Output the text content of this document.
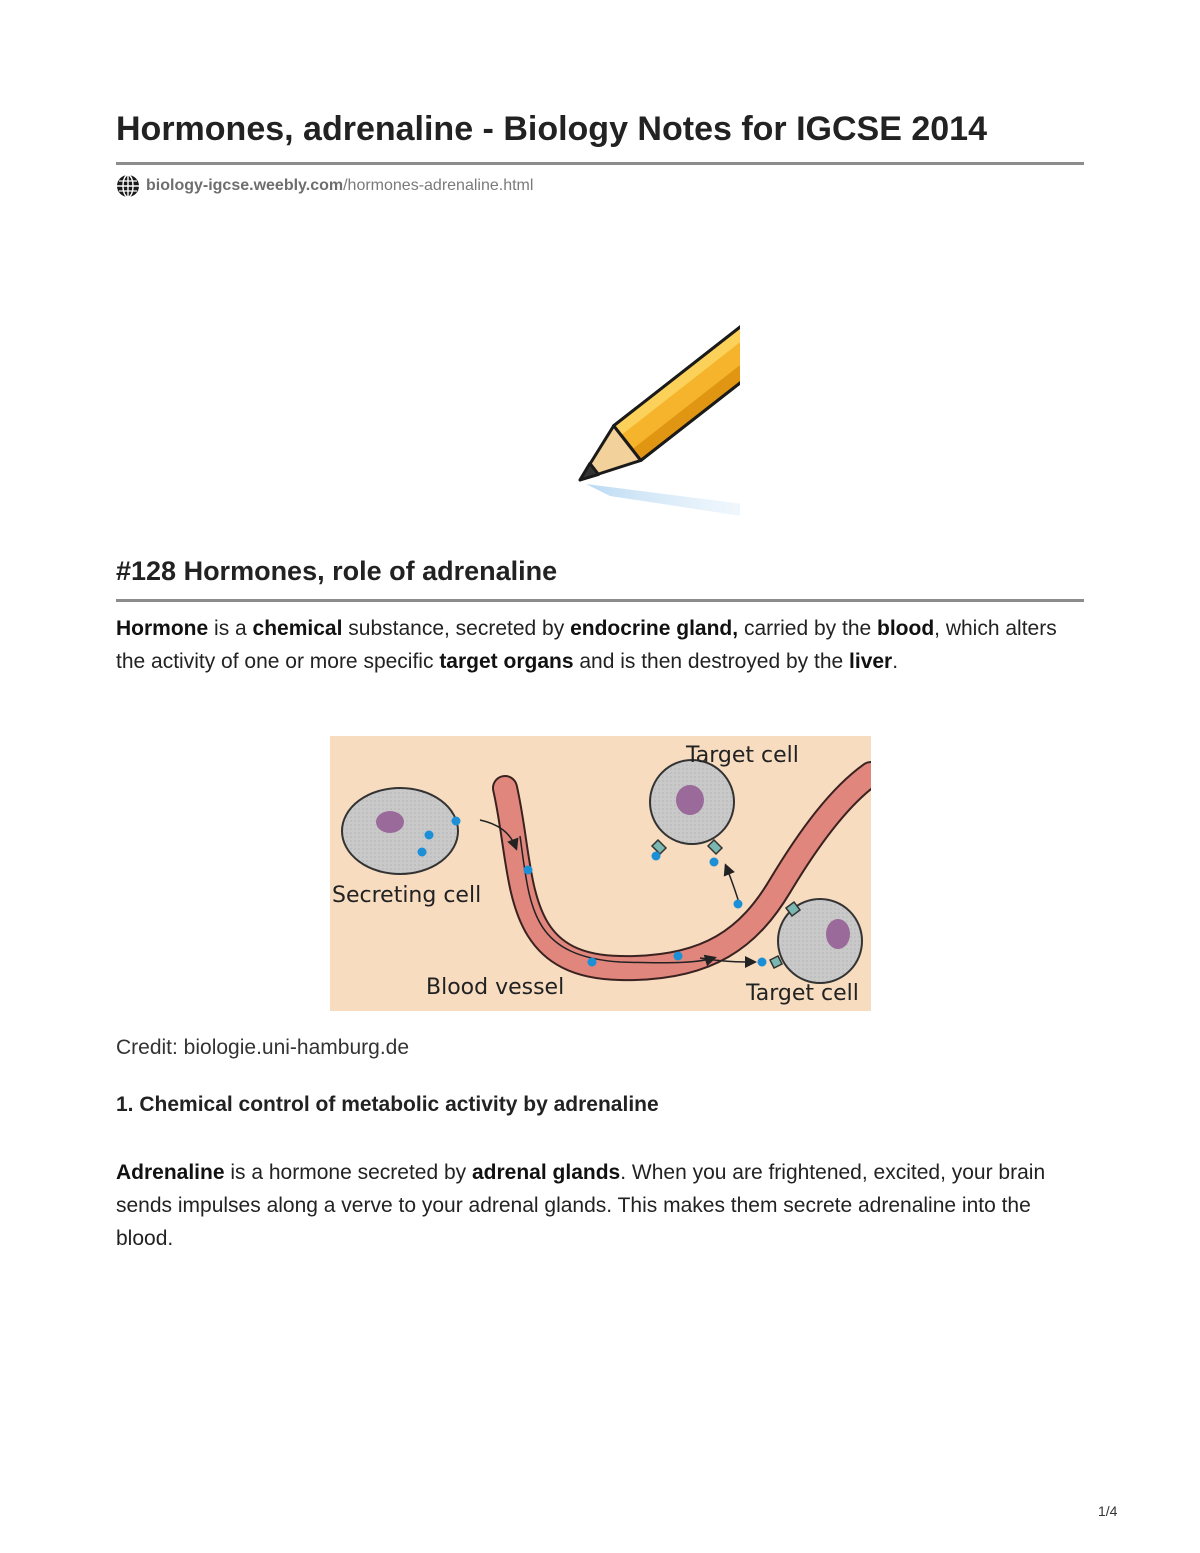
Hormones, adrenaline - Biology Notes for IGCSE 2014
biology-igcse.weebly.com /hormones-adrenaline.html
#128 Hormones, role of adrenaline

Hormone is a chemical substance, secreted by endocrine gland, carried by the blood, which alters the activity of one or more specific target organs and is then destroyed by the liver.

Target cell
Secreting cell
Blood vessel	Target cell

Credit: biologie.uni-hamburg.de

1. Chemical control of metabolic activity by adrenaline

Adrenaline is a hormone secreted by adrenal glands. When you are frightened, excited, your brain sends impulses along a verve to your adrenal glands. This makes them secrete adrenaline into the blood.

1/4
